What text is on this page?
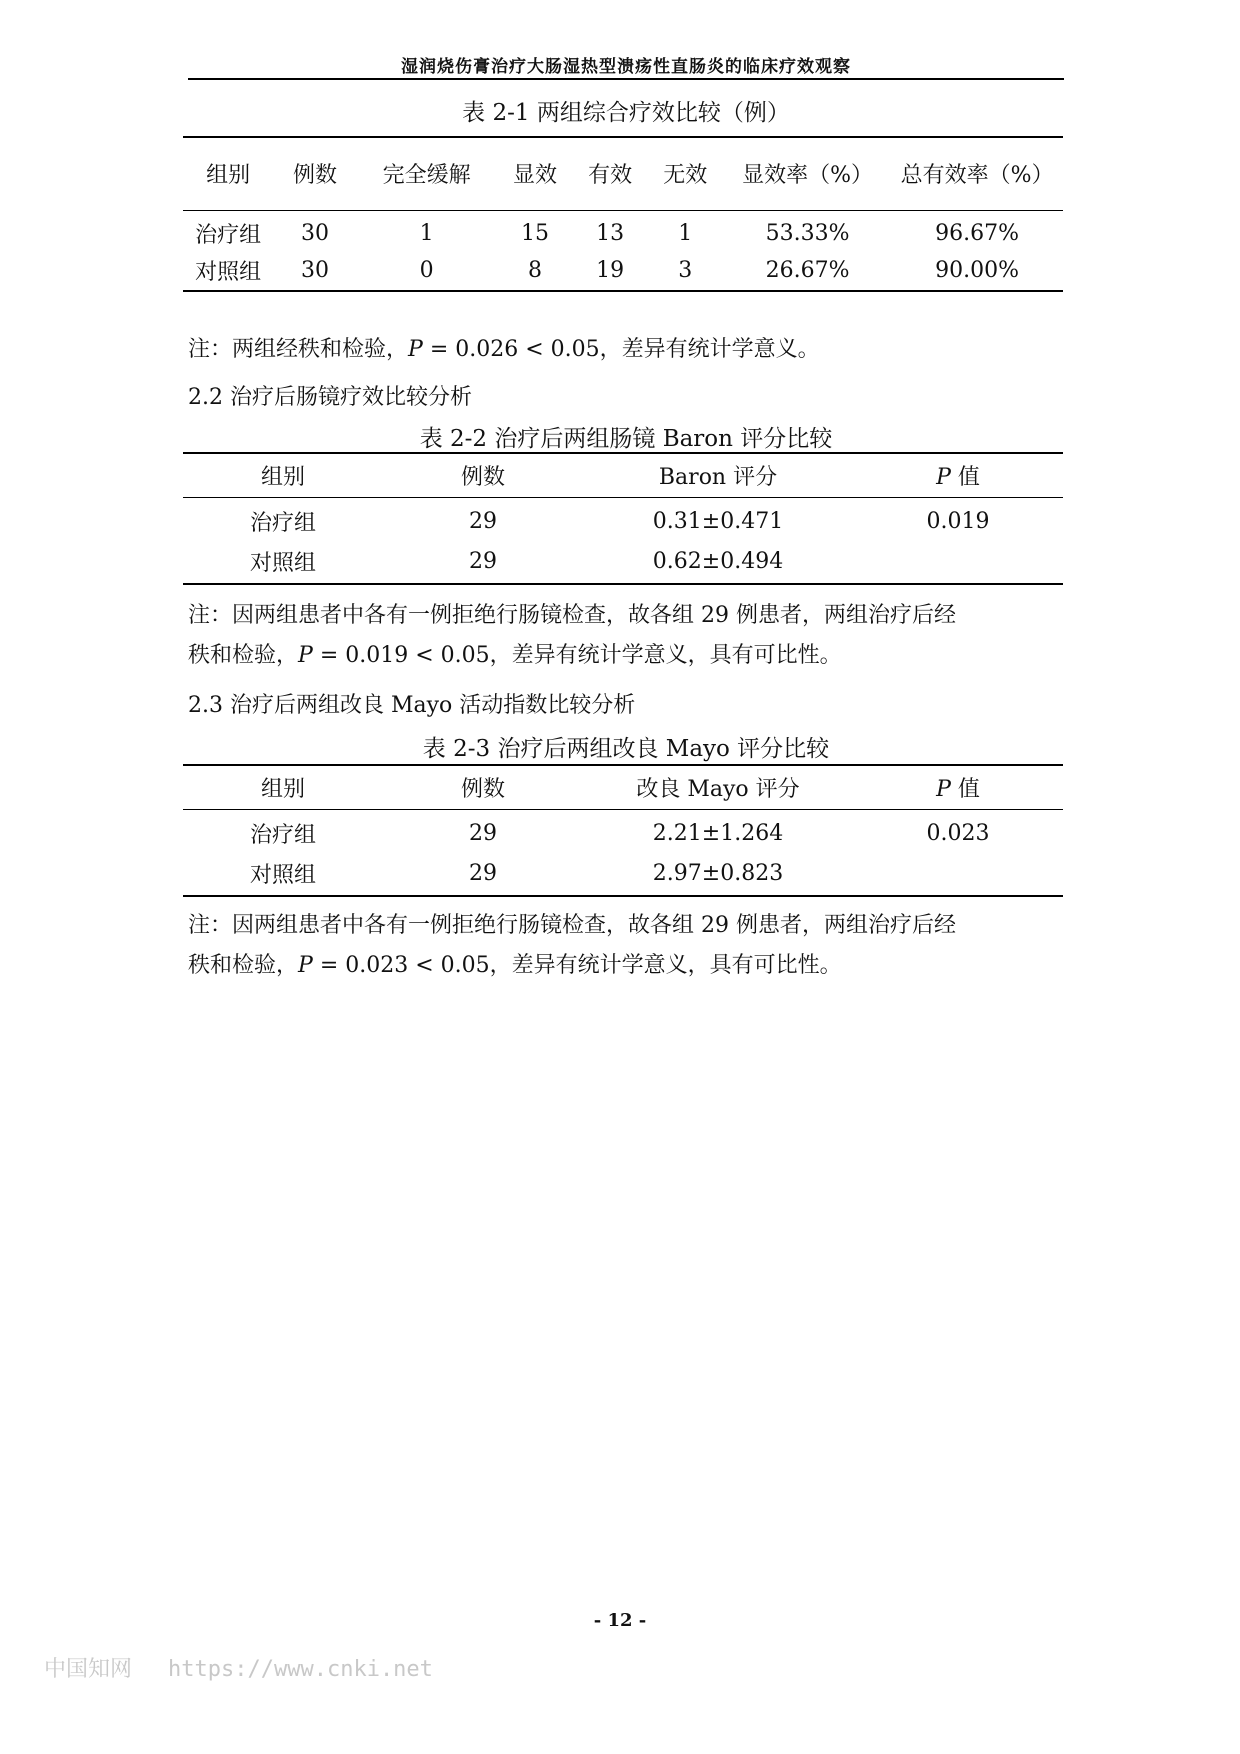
湿润烧伤膏治疗大肠湿热型溃疡性直肠炎的临床疗效观察
表 2-1 两组综合疗效比较（例）
组别	例数	完全缓解	显效	有效	无效	显效率（%）	总有效率（%）
治疗组	30	1	15	13	1	53.33%	96.67%
对照组	30	0	8	19	3	26.67%	90.00%
注：两组经秩和检验，P = 0.026 < 0.05，差异有统计学意义。
2.2 治疗后肠镜疗效比较分析
表 2-2 治疗后两组肠镜 Baron 评分比较
组别	例数	Baron 评分	P 值
治疗组	29	0.31±0.471	0.019
对照组	29	0.62±0.494	
注：因两组患者中各有一例拒绝行肠镜检查，故各组 29 例患者，两组治疗后经
秩和检验，P = 0.019 < 0.05，差异有统计学意义，具有可比性。
2.3 治疗后两组改良 Mayo 活动指数比较分析
表 2-3 治疗后两组改良 Mayo 评分比较
组别	例数	改良 Mayo 评分	P 值
治疗组	29	2.21±1.264	0.023
对照组	29	2.97±0.823	
注：因两组患者中各有一例拒绝行肠镜检查，故各组 29 例患者，两组治疗后经
秩和检验，P = 0.023 < 0.05，差异有统计学意义，具有可比性。
- 12 -
中国知网 https://www.cnki.net
